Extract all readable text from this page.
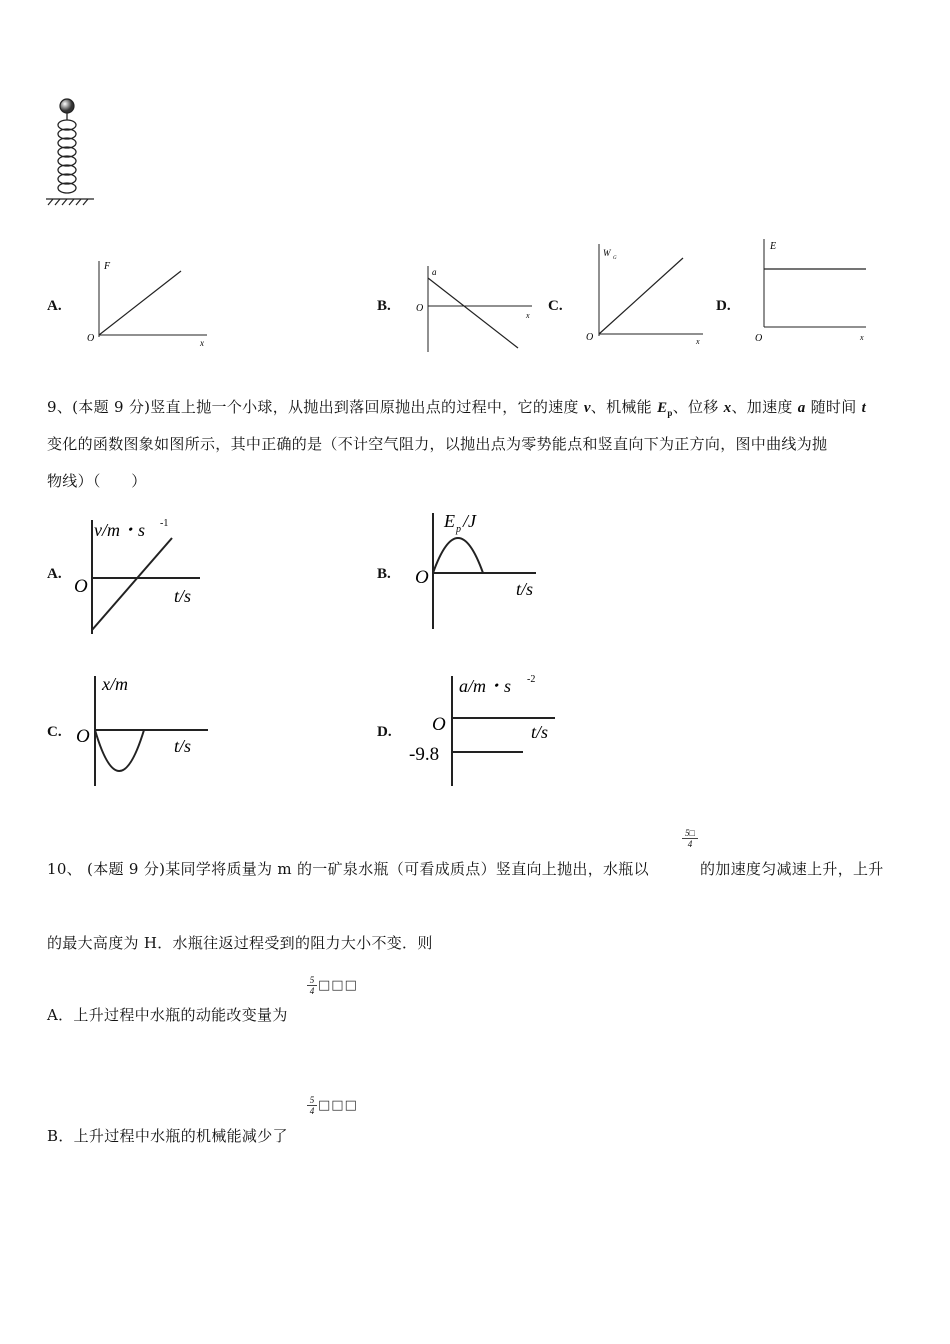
A.
F
O	x
B.
a
O
x
C.
W
G
O	x
D.
E
O	x
9、(本题 9 分)竖直上抛一个小球，从抛出到落回原抛出点的过程中，它的速度 v、机械能 $E_p$、位移 x、加速度 a 随时间 t
变化的函数图象如图所示，其中正确的是（不计空气阻力，以抛出点为零势能点和竖直向下为正方向，图中曲线为抛
物线）（　　）
A.
v/m・s -1
O	t/s
B.
E p /J
O
t/s
C.
x/m
O	t/s
D.
a/m・s -2
O	t/s
-9.8
5□
4
10、 (本题 9 分)某同学将质量为 m 的一矿泉水瓶（可看成质点）竖直向上抛出，水瓶以	的加速度匀减速上升，上升
的最大高度为 H．水瓶往返过程受到的阻力大小不变．则
5
4 □□□
A．上升过程中水瓶的动能改变量为
5
4 □□□
B．上升过程中水瓶的机械能减少了
